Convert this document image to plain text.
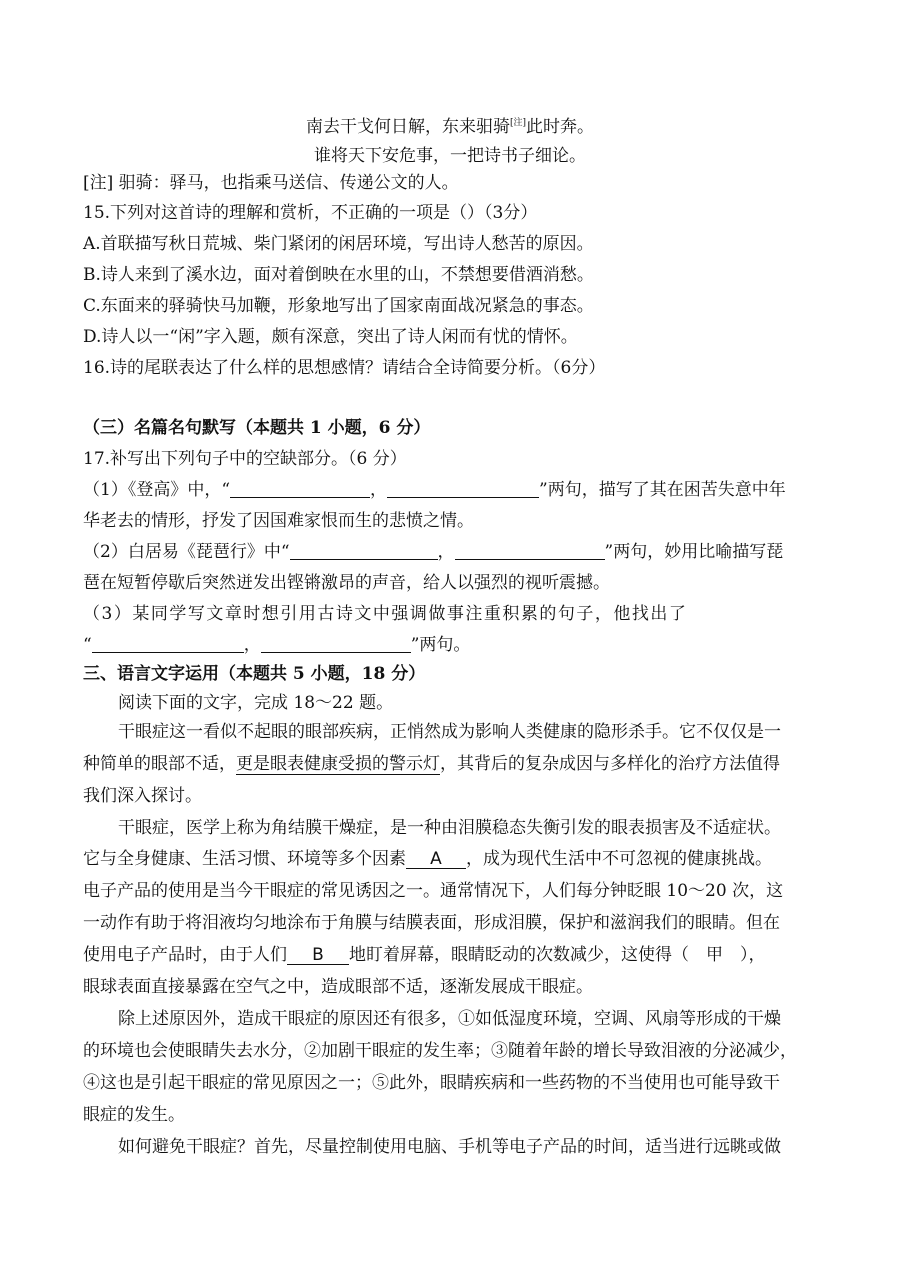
南去干戈何日解，东来驲骑[注]此时奔。
谁将天下安危事，一把诗书子细论。
[注] 驲骑：驿马，也指乘马送信、传递公文的人。
15.下列对这首诗的理解和赏析，不正确的一项是（）（3分）
A.首联描写秋日荒城、柴门紧闭的闲居环境，写出诗人愁苦的原因。
B.诗人来到了溪水边，面对着倒映在水里的山，不禁想要借酒消愁。
C.东面来的驿骑快马加鞭，形象地写出了国家南面战况紧急的事态。
D.诗人以一“闲”字入题，颇有深意，突出了诗人闲而有忧的情怀。
16.诗的尾联表达了什么样的思想感情？请结合全诗简要分析。（6分）
（三）名篇名句默写（本题共 1 小题，6 分）
17.补写出下列句子中的空缺部分。（6 分）
（1）《登高》中，“	，	”两句，描写了其在困苦失意中年
华老去的情形，抒发了因国难家恨而生的悲愤之情。
（2）白居易《琵琶行》中“	，	”两句，妙用比喻描写琵
琶在短暂停歇后突然迸发出铿锵激昂的声音，给人以强烈的视听震撼。
（3）某同学写文章时想引用古诗文中强调做事注重积累的句子，他找出了
“	，	”两句。
三、语言文字运用（本题共 5 小题，18 分）
阅读下面的文字，完成 18～22 题。
干眼症这一看似不起眼的眼部疾病，正悄然成为影响人类健康的隐形杀手。它不仅仅是一
种简单的眼部不适，更是眼表健康受损的警示灯，其背后的复杂成因与多样化的治疗方法值得
我们深入探讨。
干眼症，医学上称为角结膜干燥症，是一种由泪膜稳态失衡引发的眼表损害及不适症状。
它与全身健康、生活习惯、环境等多个因素 A ，成为现代生活中不可忽视的健康挑战。
电子产品的使用是当今干眼症的常见诱因之一。通常情况下，人们每分钟眨眼 10～20 次，这
一动作有助于将泪液均匀地涂布于角膜与结膜表面，形成泪膜，保护和滋润我们的眼睛。但在
使用电子产品时，由于人们 B 地盯着屏幕，眼睛眨动的次数减少，这使得（　甲　），
眼球表面直接暴露在空气之中，造成眼部不适，逐渐发展成干眼症。
除上述原因外，造成干眼症的原因还有很多，①如低湿度环境，空调、风扇等形成的干燥
的环境也会使眼睛失去水分，②加剧干眼症的发生率；③随着年龄的增长导致泪液的分泌减少，
④这也是引起干眼症的常见原因之一；⑤此外，眼睛疾病和一些药物的不当使用也可能导致干
眼症的发生。
如何避免干眼症？首先，尽量控制使用电脑、手机等电子产品的时间，适当进行远眺或做
